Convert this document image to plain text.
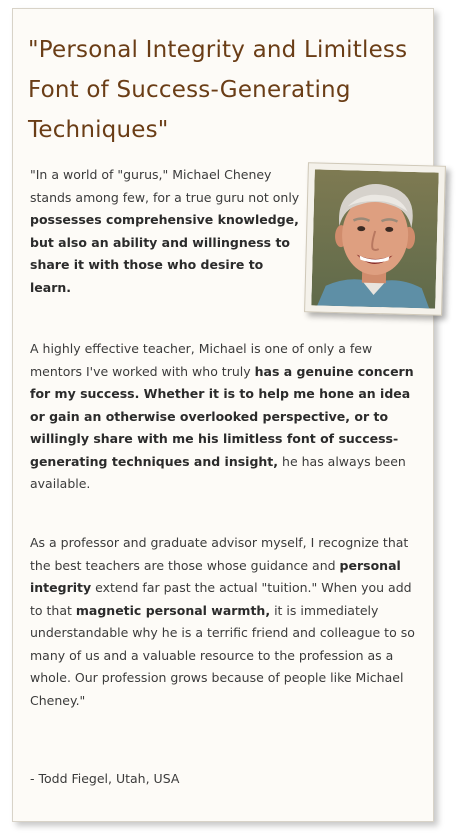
"Personal Integrity and Limitless Font of Success-Generating Techniques"

"In a world of "gurus," Michael Cheney stands among few, for a true guru not only possesses comprehensive knowledge, but also an ability and willingness to share it with those who desire to learn.

A highly effective teacher, Michael is one of only a few mentors I've worked with who truly has a genuine concern for my success. Whether it is to help me hone an idea or gain an otherwise overlooked perspective, or to willingly share with me his limitless font of success-generating techniques and insight, he has always been available.

As a professor and graduate advisor myself, I recognize that the best teachers are those whose guidance and personal integrity extend far past the actual "tuition." When you add to that magnetic personal warmth, it is immediately understandable why he is a terrific friend and colleague to so many of us and a valuable resource to the profession as a whole. Our profession grows because of people like Michael Cheney."

- Todd Fiegel, Utah, USA
